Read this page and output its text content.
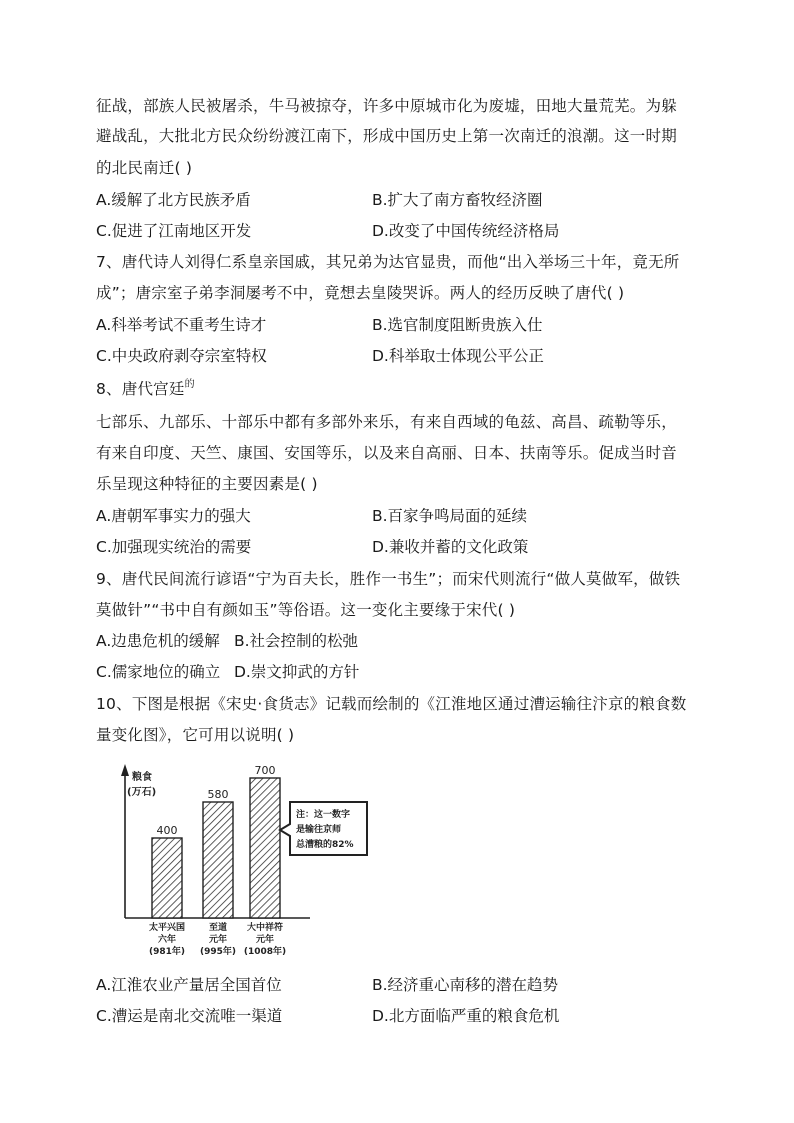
征战，部族人民被屠杀，牛马被掠夺，许多中原城市化为废墟，田地大量荒芜。为躲
避战乱，大批北方民众纷纷渡江南下，形成中国历史上第一次南迁的浪潮。这一时期
的北民南迁( )
A.缓解了北方民族矛盾	B.扩大了南方畜牧经济圈
C.促进了江南地区开发	D.改变了中国传统经济格局
7、唐代诗人刘得仁系皇亲国戚，其兄弟为达官显贵，而他“出入举场三十年，竟无所
成”；唐宗室子弟李洞屡考不中，竟想去皇陵哭诉。两人的经历反映了唐代( )
A.科举考试不重考生诗才	B.选官制度阻断贵族入仕
C.中央政府剥夺宗室特权	D.科举取士体现公平公正
8、唐代宫廷$^的$
七部乐、九部乐、十部乐中都有多部外来乐，有来自西域的龟兹、高昌、疏勒等乐，
有来自印度、天竺、康国、安国等乐，以及来自高丽、日本、扶南等乐。促成当时音
乐呈现这种特征的主要因素是( )
A.唐朝军事实力的强大	B.百家争鸣局面的延续
C.加强现实统治的需要	D.兼收并蓄的文化政策
9、唐代民间流行谚语“宁为百夫长，胜作一书生”；而宋代则流行“做人莫做军，做铁
莫做针”“书中自有颜如玉”等俗语。这一变化主要缘于宋代( )
A.边患危机的缓解 B.社会控制的松弛
C.儒家地位的确立 D.崇文抑武的方针
10、下图是根据《宋史·食货志》记载而绘制的《江淮地区通过漕运输往汴京的粮食数
量变化图》，它可用以说明( )
粮食
(万石)
400
太平兴国
六年
(981年)
580
至道
元年
(995年)
700
大中祥符
元年
(1008年)
注：这一数字
是输往京师
总漕粮的82%
A.江淮农业产量居全国首位	B.经济重心南移的潜在趋势
C.漕运是南北交流唯一渠道	D.北方面临严重的粮食危机
